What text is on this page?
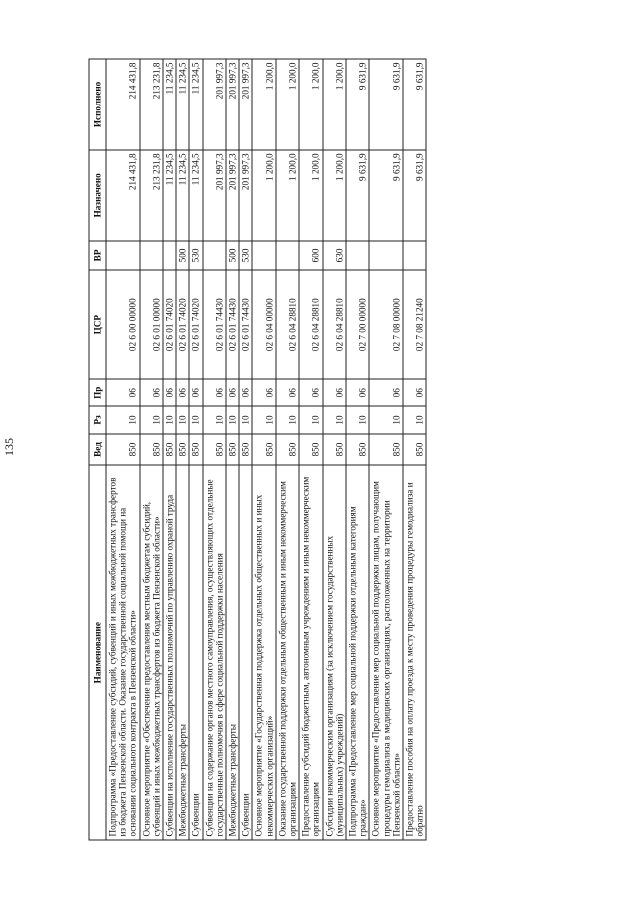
135
Наименование	Вед	Рз	Пр	ЦСР	ВР	Назначено	Исполнено
Подпрограмма «Предоставление субсидий, субвенций и иных межбюджетных трансфертов из бюджета Пензенской области. Оказание государственной социальной помощи на основании социального контракта в Пензенской области»	850	10	06	02 6 00 00000		214 431,8	214 431,8
Основное мероприятие «Обеспечение предоставления местным бюджетам субсидий, субвенций и иных межбюджетных трансфертов из бюджета Пензенской области»	850	10	06	02 6 01 00000		213 231,8	213 231,8
Субвенции на исполнение государственных полномочий по управлению охраной труда	850	10	06	02 6 01 74020		11 234,5	11 234,5
Межбюджетные трансферты	850	10	06	02 6 01 74020	500	11 234,5	11 234,5
Субвенции	850	10	06	02 6 01 74020	530	11 234,5	11 234,5
Субвенции на содержание органов местного самоуправления, осуществляющих отдельные государственные полномочия в сфере социальной поддержки населения	850	10	06	02 6 01 74430		201 997,3	201 997,3
Межбюджетные трансферты	850	10	06	02 6 01 74430	500	201 997,3	201 997,3
Субвенции	850	10	06	02 6 01 74430	530	201 997,3	201 997,3
Основное мероприятие «Государственная поддержка отдельных общественных и иных некоммерческих организаций»	850	10	06	02 6 04 00000		1 200,0	1 200,0
Оказание государственной поддержки отдельным общественным и иным некоммерческим организациям	850	10	06	02 6 04 28810		1 200,0	1 200,0
Предоставление субсидий бюджетным, автономным учреждениям и иным некоммерческим организациям	850	10	06	02 6 04 28810	600	1 200,0	1 200,0
Субсидии некоммерческим организациям (за исключением государственных (муниципальных) учреждений)	850	10	06	02 6 04 28810	630	1 200,0	1 200,0
Подпрограмма «Предоставление мер социальной поддержки отдельным категориям граждан»	850	10	06	02 7 00 00000		9 631,9	9 631,9
Основное мероприятие «Предоставление мер социальной поддержки лицам, получающим процедуры гемодиализа в медицинских организациях, расположенных на территории Пензенской области»	850	10	06	02 7 08 00000		9 631,9	9 631,9
Предоставление пособия на оплату проезда к месту проведения процедуры гемодиализа и обратно	850	10	06	02 7 08 21240		9 631,9	9 631,9
